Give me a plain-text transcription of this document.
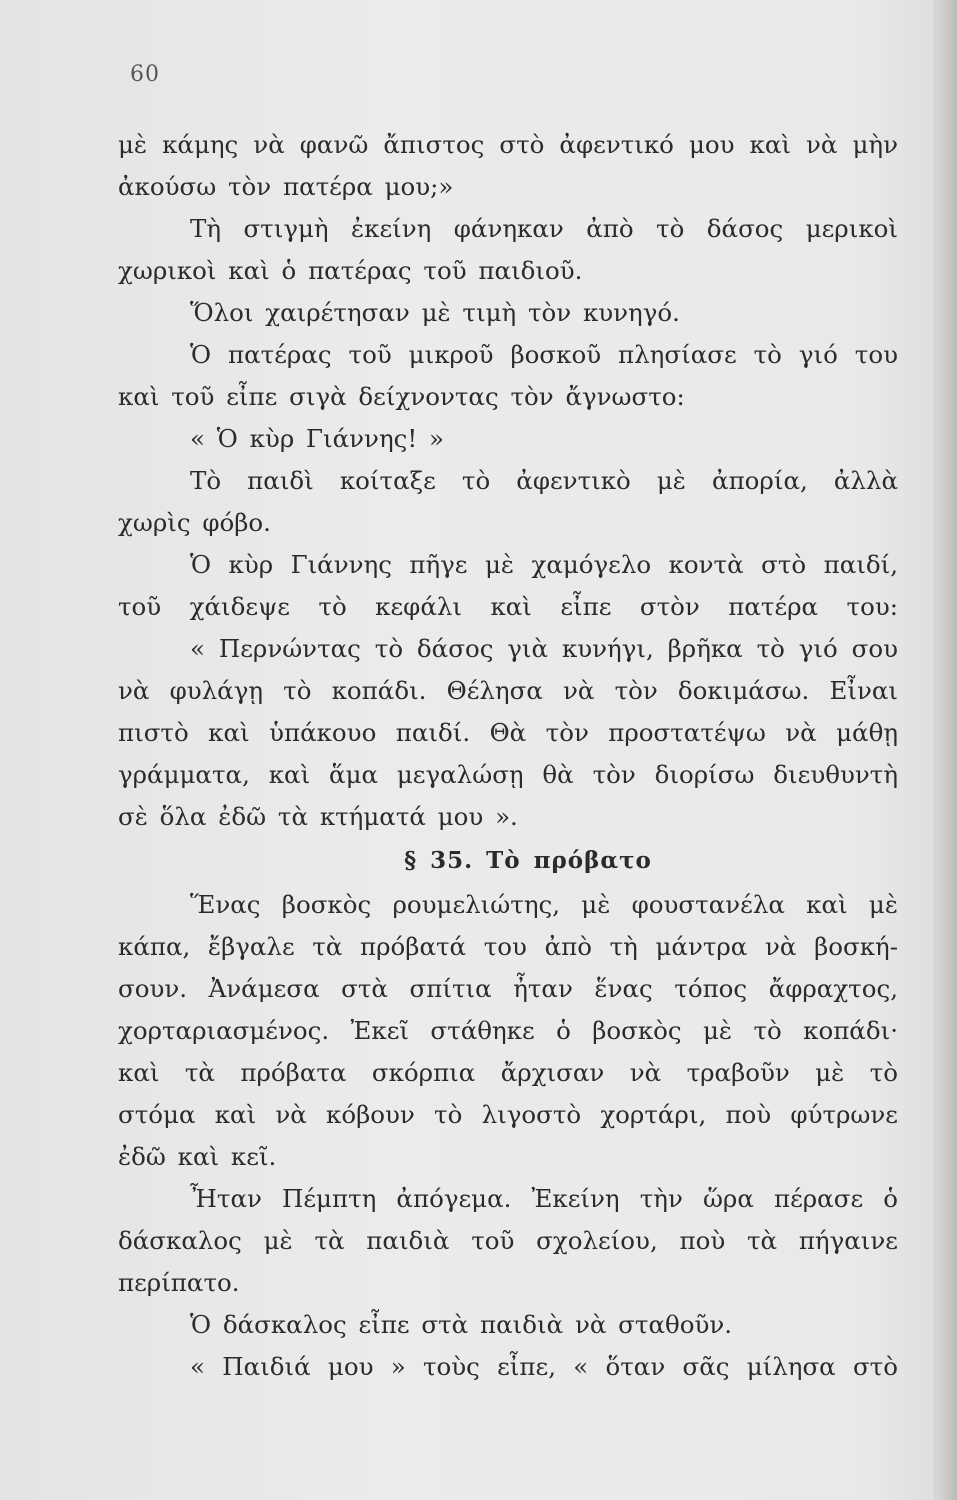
60
μὲ κάμης νὰ φανῶ ἄπιστος στὸ ἀφεντικό μου καὶ νὰ μὴν
ἀκούσω τὸν πατέρα μου;»
Τὴ στιγμὴ ἐκείνη φάνηκαν ἀπὸ τὸ δάσος μερικοὶ
χωρικοὶ καὶ ὁ πατέρας τοῦ παιδιοῦ.
Ὅλοι χαιρέτησαν μὲ τιμὴ τὸν κυνηγό.
Ὁ πατέρας τοῦ μικροῦ βοσκοῦ πλησίασε τὸ γιό του
καὶ τοῦ εἶπε σιγὰ δείχνοντας τὸν ἄγνωστο:
« Ὁ κὺρ Γιάννης! »
Τὸ παιδὶ κοίταξε τὸ ἀφεντικὸ μὲ ἀπορία, ἀλλὰ
χωρὶς φόβο.
Ὁ κὺρ Γιάννης πῆγε μὲ χαμόγελο κοντὰ στὸ παιδί,
τοῦ χάιδεψε τὸ κεφάλι καὶ εἶπε στὸν πατέρα του:
« Περνώντας τὸ δάσος γιὰ κυνήγι, βρῆκα τὸ γιό σου
νὰ φυλάγῃ τὸ κοπάδι. Θέλησα νὰ τὸν δοκιμάσω. Εἶναι
πιστὸ καὶ ὑπάκουο παιδί. Θὰ τὸν προστατέψω νὰ μάθῃ
γράμματα, καὶ ἅμα μεγαλώσῃ θὰ τὸν διορίσω διευθυντὴ
σὲ ὅλα ἐδῶ τὰ κτήματά μου ».
§ 35. Τὸ πρόβατο
Ἕνας βοσκὸς ρουμελιώτης, μὲ φουστανέλα καὶ μὲ
κάπα, ἔβγαλε τὰ πρόβατά του ἀπὸ τὴ μάντρα νὰ βοσκή-
σουν. Ἀνάμεσα στὰ σπίτια ἦταν ἕνας τόπος ἄφραχτος,
χορταριασμένος. Ἐκεῖ στάθηκε ὁ βοσκὸς μὲ τὸ κοπάδι·
καὶ τὰ πρόβατα σκόρπια ἄρχισαν νὰ τραβοῦν μὲ τὸ
στόμα καὶ νὰ κόβουν τὸ λιγοστὸ χορτάρι, ποὺ φύτρωνε
ἐδῶ καὶ κεῖ.
Ἦταν Πέμπτη ἀπόγεμα. Ἐκείνη τὴν ὥρα πέρασε ὁ
δάσκαλος μὲ τὰ παιδιὰ τοῦ σχολείου, ποὺ τὰ πήγαινε
περίπατο.
Ὁ δάσκαλος εἶπε στὰ παιδιὰ νὰ σταθοῦν.
« Παιδιά μου » τοὺς εἶπε, « ὅταν σᾶς μίλησα στὸ
